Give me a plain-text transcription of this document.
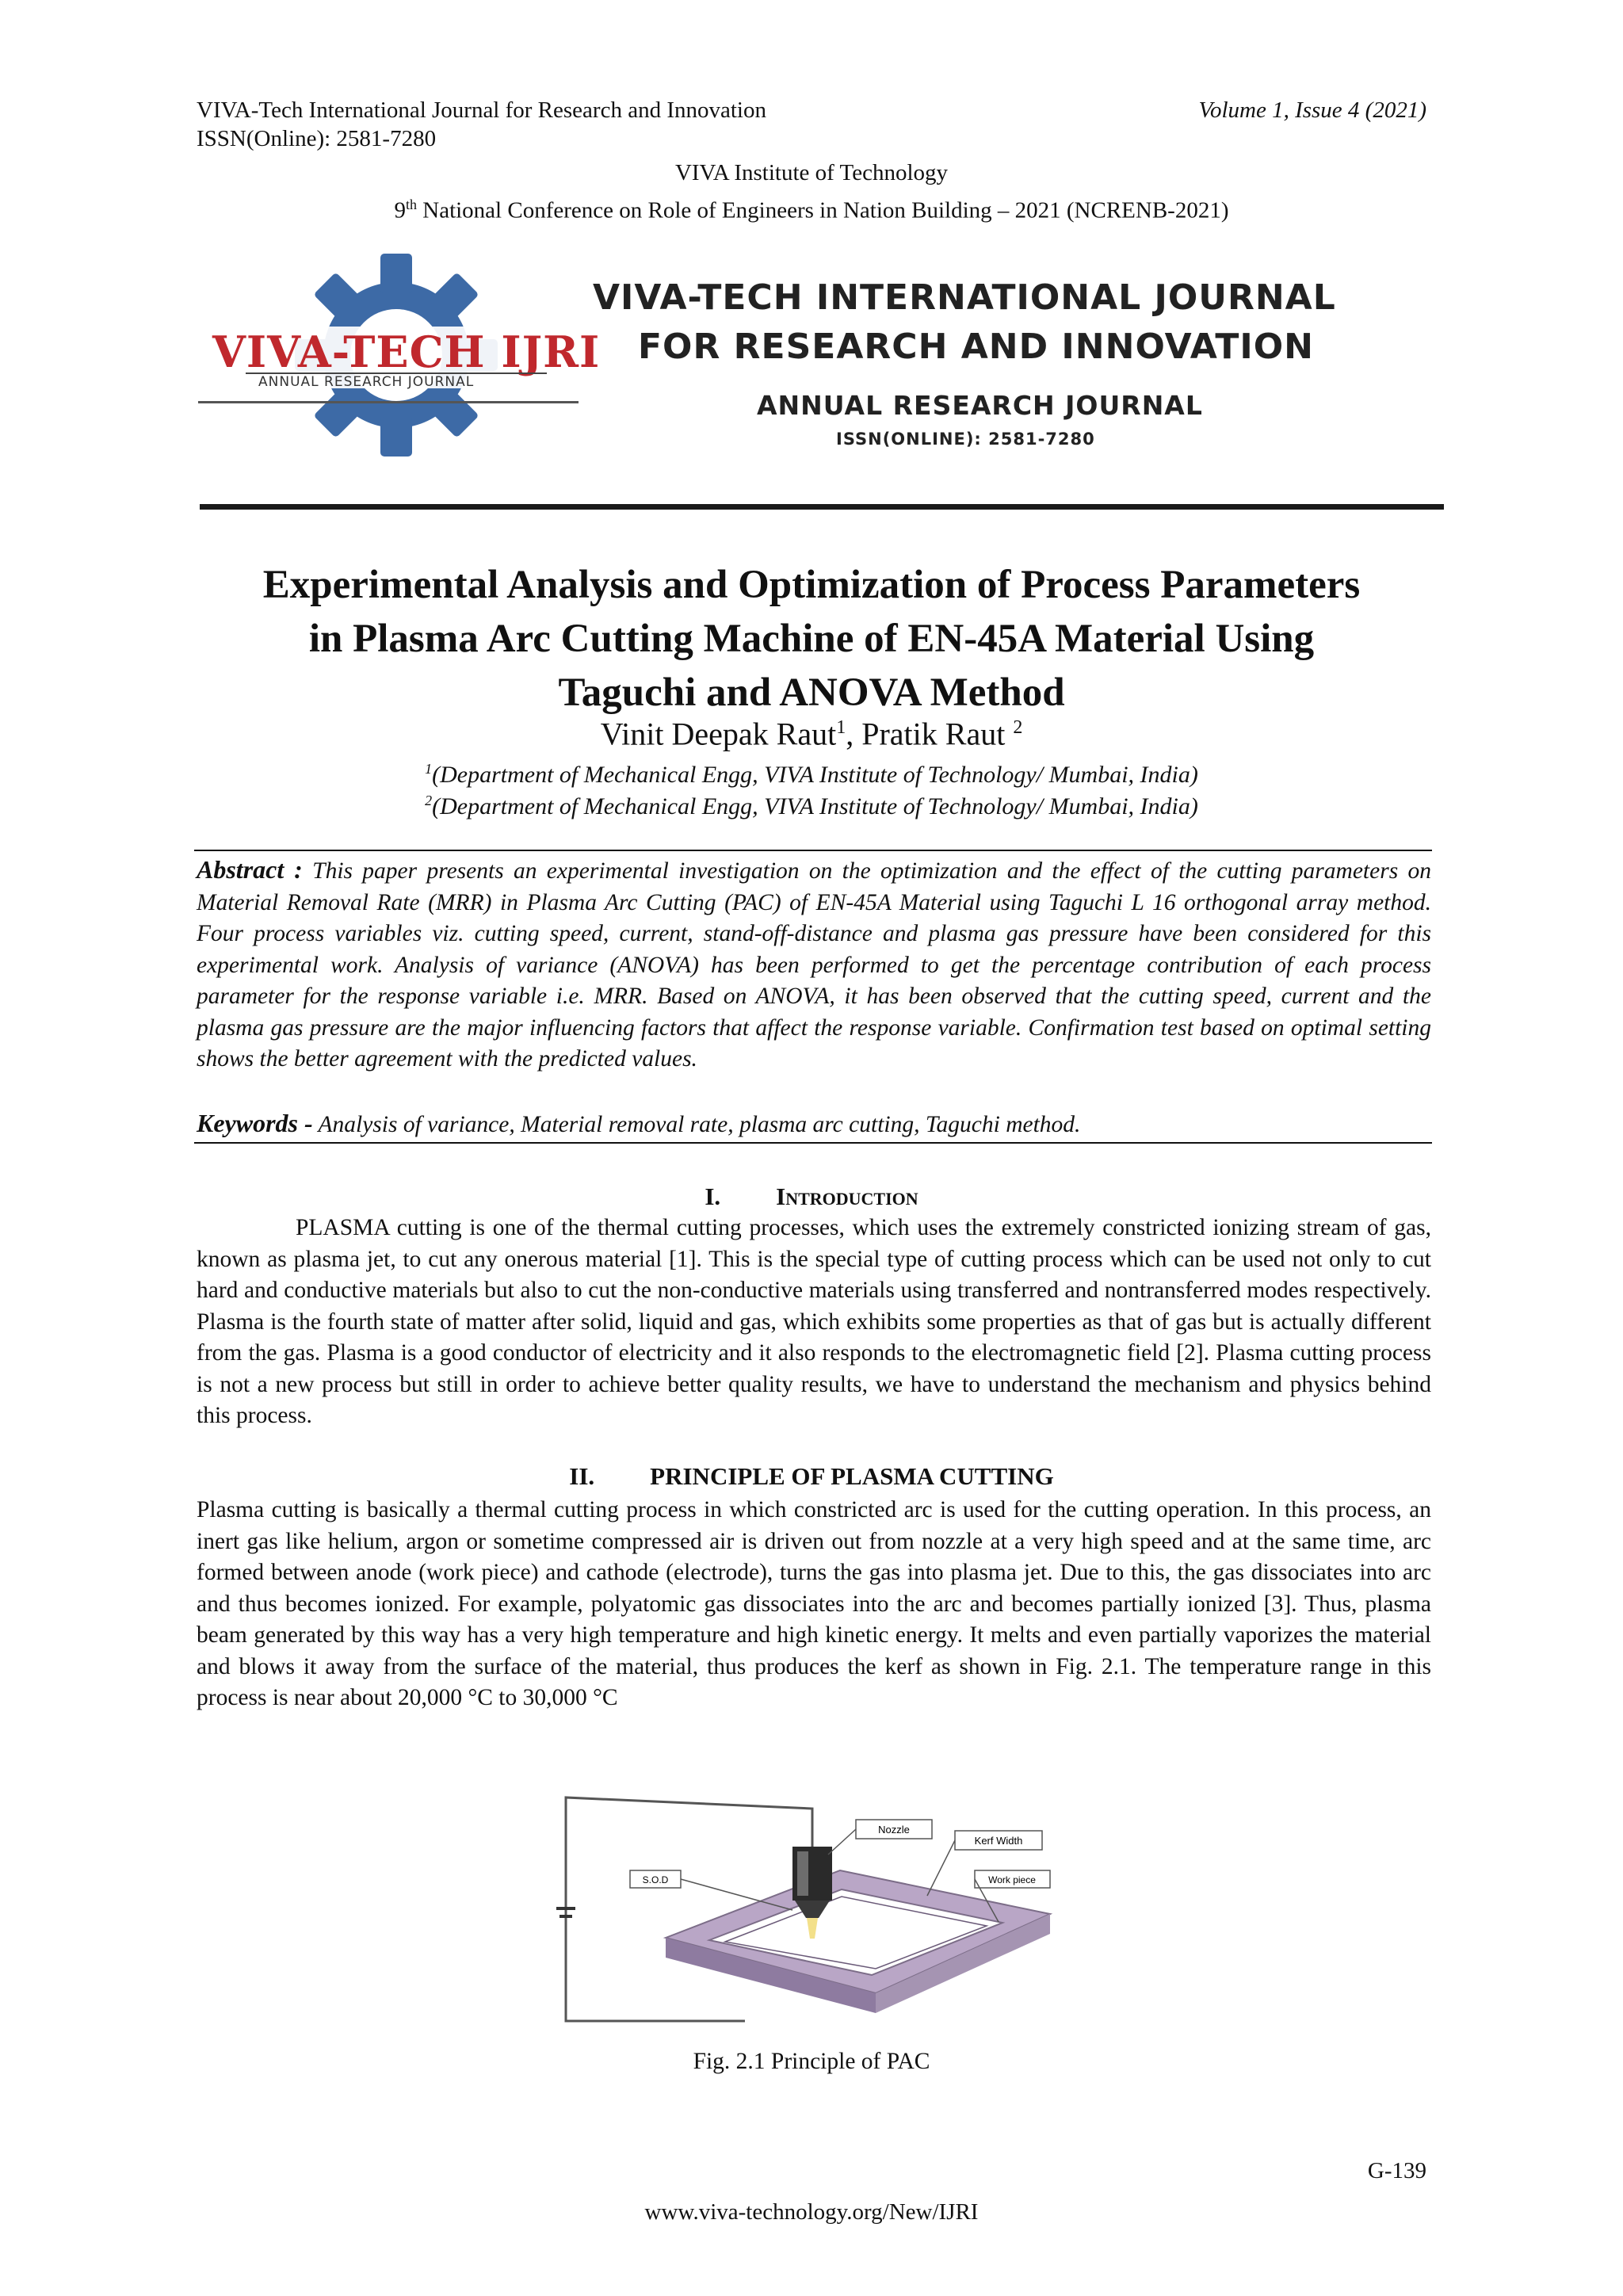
VIVA-Tech International Journal for Research and Innovation	Volume 1, Issue 4 (2021)
ISSN(Online): 2581-7280
VIVA Institute of Technology
9th National Conference on Role of Engineers in Nation Building – 2021 (NCRENB-2021)
VIVA-TECH IJRI
ANNUAL RESEARCH JOURNAL
VIVA-TECH INTERNATIONAL JOURNAL
FOR RESEARCH AND INNOVATION
ANNUAL RESEARCH JOURNAL
ISSN(ONLINE): 2581-7280
Experimental Analysis and Optimization of Process Parameters
in Plasma Arc Cutting Machine of EN-45A Material Using
Taguchi and ANOVA Method
Vinit Deepak Raut$^1$, Pratik Raut $^2$
$^1$(Department of Mechanical Engg, VIVA Institute of Technology/ Mumbai, India)
$^2$(Department of Mechanical Engg, VIVA Institute of Technology/ Mumbai, India)
Abstract : This paper presents an experimental investigation on the optimization and the effect of the cutting parameters on Material Removal Rate (MRR) in Plasma Arc Cutting (PAC) of EN-45A Material using Taguchi L 16 orthogonal array method. Four process variables viz. cutting speed, current, stand-off-distance and plasma gas pressure have been considered for this experimental work. Analysis of variance (ANOVA) has been performed to get the percentage contribution of each process parameter for the response variable i.e. MRR. Based on ANOVA, it has been observed that the cutting speed, current and the plasma gas pressure are the major influencing factors that affect the response variable. Confirmation test based on optimal setting shows the better agreement with the predicted values.
Keywords - Analysis of variance, Material removal rate, plasma arc cutting, Taguchi method.
I. Introduction

PLASMA cutting is one of the thermal cutting processes, which uses the extremely constricted ionizing stream of gas, known as plasma jet, to cut any onerous material [1]. This is the special type of cutting process which can be used not only to cut hard and conductive materials but also to cut the non-conductive materials using transferred and nontransferred modes respectively. Plasma is the fourth state of matter after solid, liquid and gas, which exhibits some properties as that of gas but is actually different from the gas. Plasma is a good conductor of electricity and it also responds to the electromagnetic field [2]. Plasma cutting process is not a new process but still in order to achieve better quality results, we have to understand the mechanism and physics behind this process.

II. PRINCIPLE OF PLASMA CUTTING

Plasma cutting is basically a thermal cutting process in which constricted arc is used for the cutting operation. In this process, an inert gas like helium, argon or sometime compressed air is driven out from nozzle at a very high speed and at the same time, arc formed between anode (work piece) and cathode (electrode), turns the gas into plasma jet. Due to this, the gas dissociates into arc and thus becomes ionized. For example, polyatomic gas dissociates into the arc and becomes partially ionized [3]. Thus, plasma beam generated by this way has a very high temperature and high kinetic energy. It melts and even partially vaporizes the material and blows it away from the surface of the material, thus produces the kerf as shown in Fig. 2.1. The temperature range in this process is near about 20,000 °C to 30,000 °C

Nozzle
Kerf Width
S.O.D	Work piece
Fig. 2.1 Principle of PAC
G-139
www.viva-technology.org/New/IJRI
